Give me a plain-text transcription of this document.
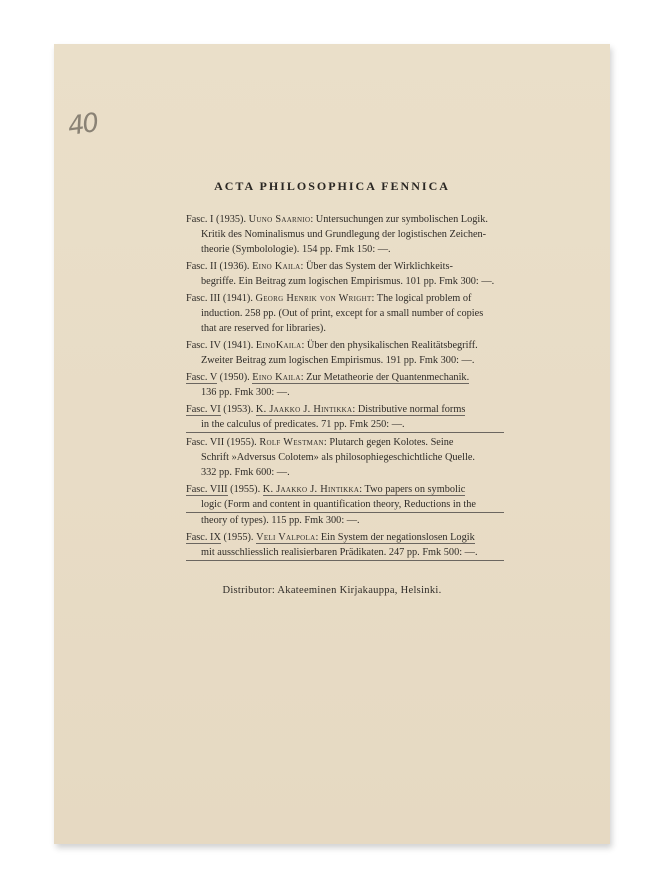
40
ACTA PHILOSOPHICA FENNICA
Fasc. I (1935). Uuno Saarnio: Untersuchungen zur symbolischen Logik.
Kritik des Nominalismus und Grundlegung der logistischen Zeichen-
theorie (Symbolologie). 154 pp. Fmk 150: —.
Fasc. II (1936). Eino Kaila: Über das System der Wirklichkeits-
begriffe. Ein Beitrag zum logischen Empirismus. 101 pp. Fmk 300: —.
Fasc. III (1941). Georg Henrik von Wright: The logical problem of
induction. 258 pp. (Out of print, except for a small number of copies
that are reserved for libraries).
Fasc. IV (1941). EinoKaila: Über den physikalischen Realitätsbegriff.
Zweiter Beitrag zum logischen Empirismus. 191 pp. Fmk 300: —.
Fasc. V (1950). Eino Kaila: Zur Metatheorie der Quantenmechanik.
136 pp. Fmk 300: —.
Fasc. VI (1953). K. Jaakko J. Hintikka: Distributive normal forms
in the calculus of predicates. 71 pp. Fmk 250: —.
Fasc. VII (1955). Rolf Westman: Plutarch gegen Kolotes. Seine
Schrift »Adversus Colotem» als philosophiegeschichtliche Quelle.
332 pp. Fmk 600: —.
Fasc. VIII (1955). K. Jaakko J. Hintikka: Two papers on symbolic
logic (Form and content in quantification theory, Reductions in the
theory of types). 115 pp. Fmk 300: —.
Fasc. IX (1955). Veli Valpola: Ein System der negationslosen Logik
mit ausschliesslich realisierbaren Prädikaten. 247 pp. Fmk 500: —.
Distributor: Akateeminen Kirjakauppa, Helsinki.
